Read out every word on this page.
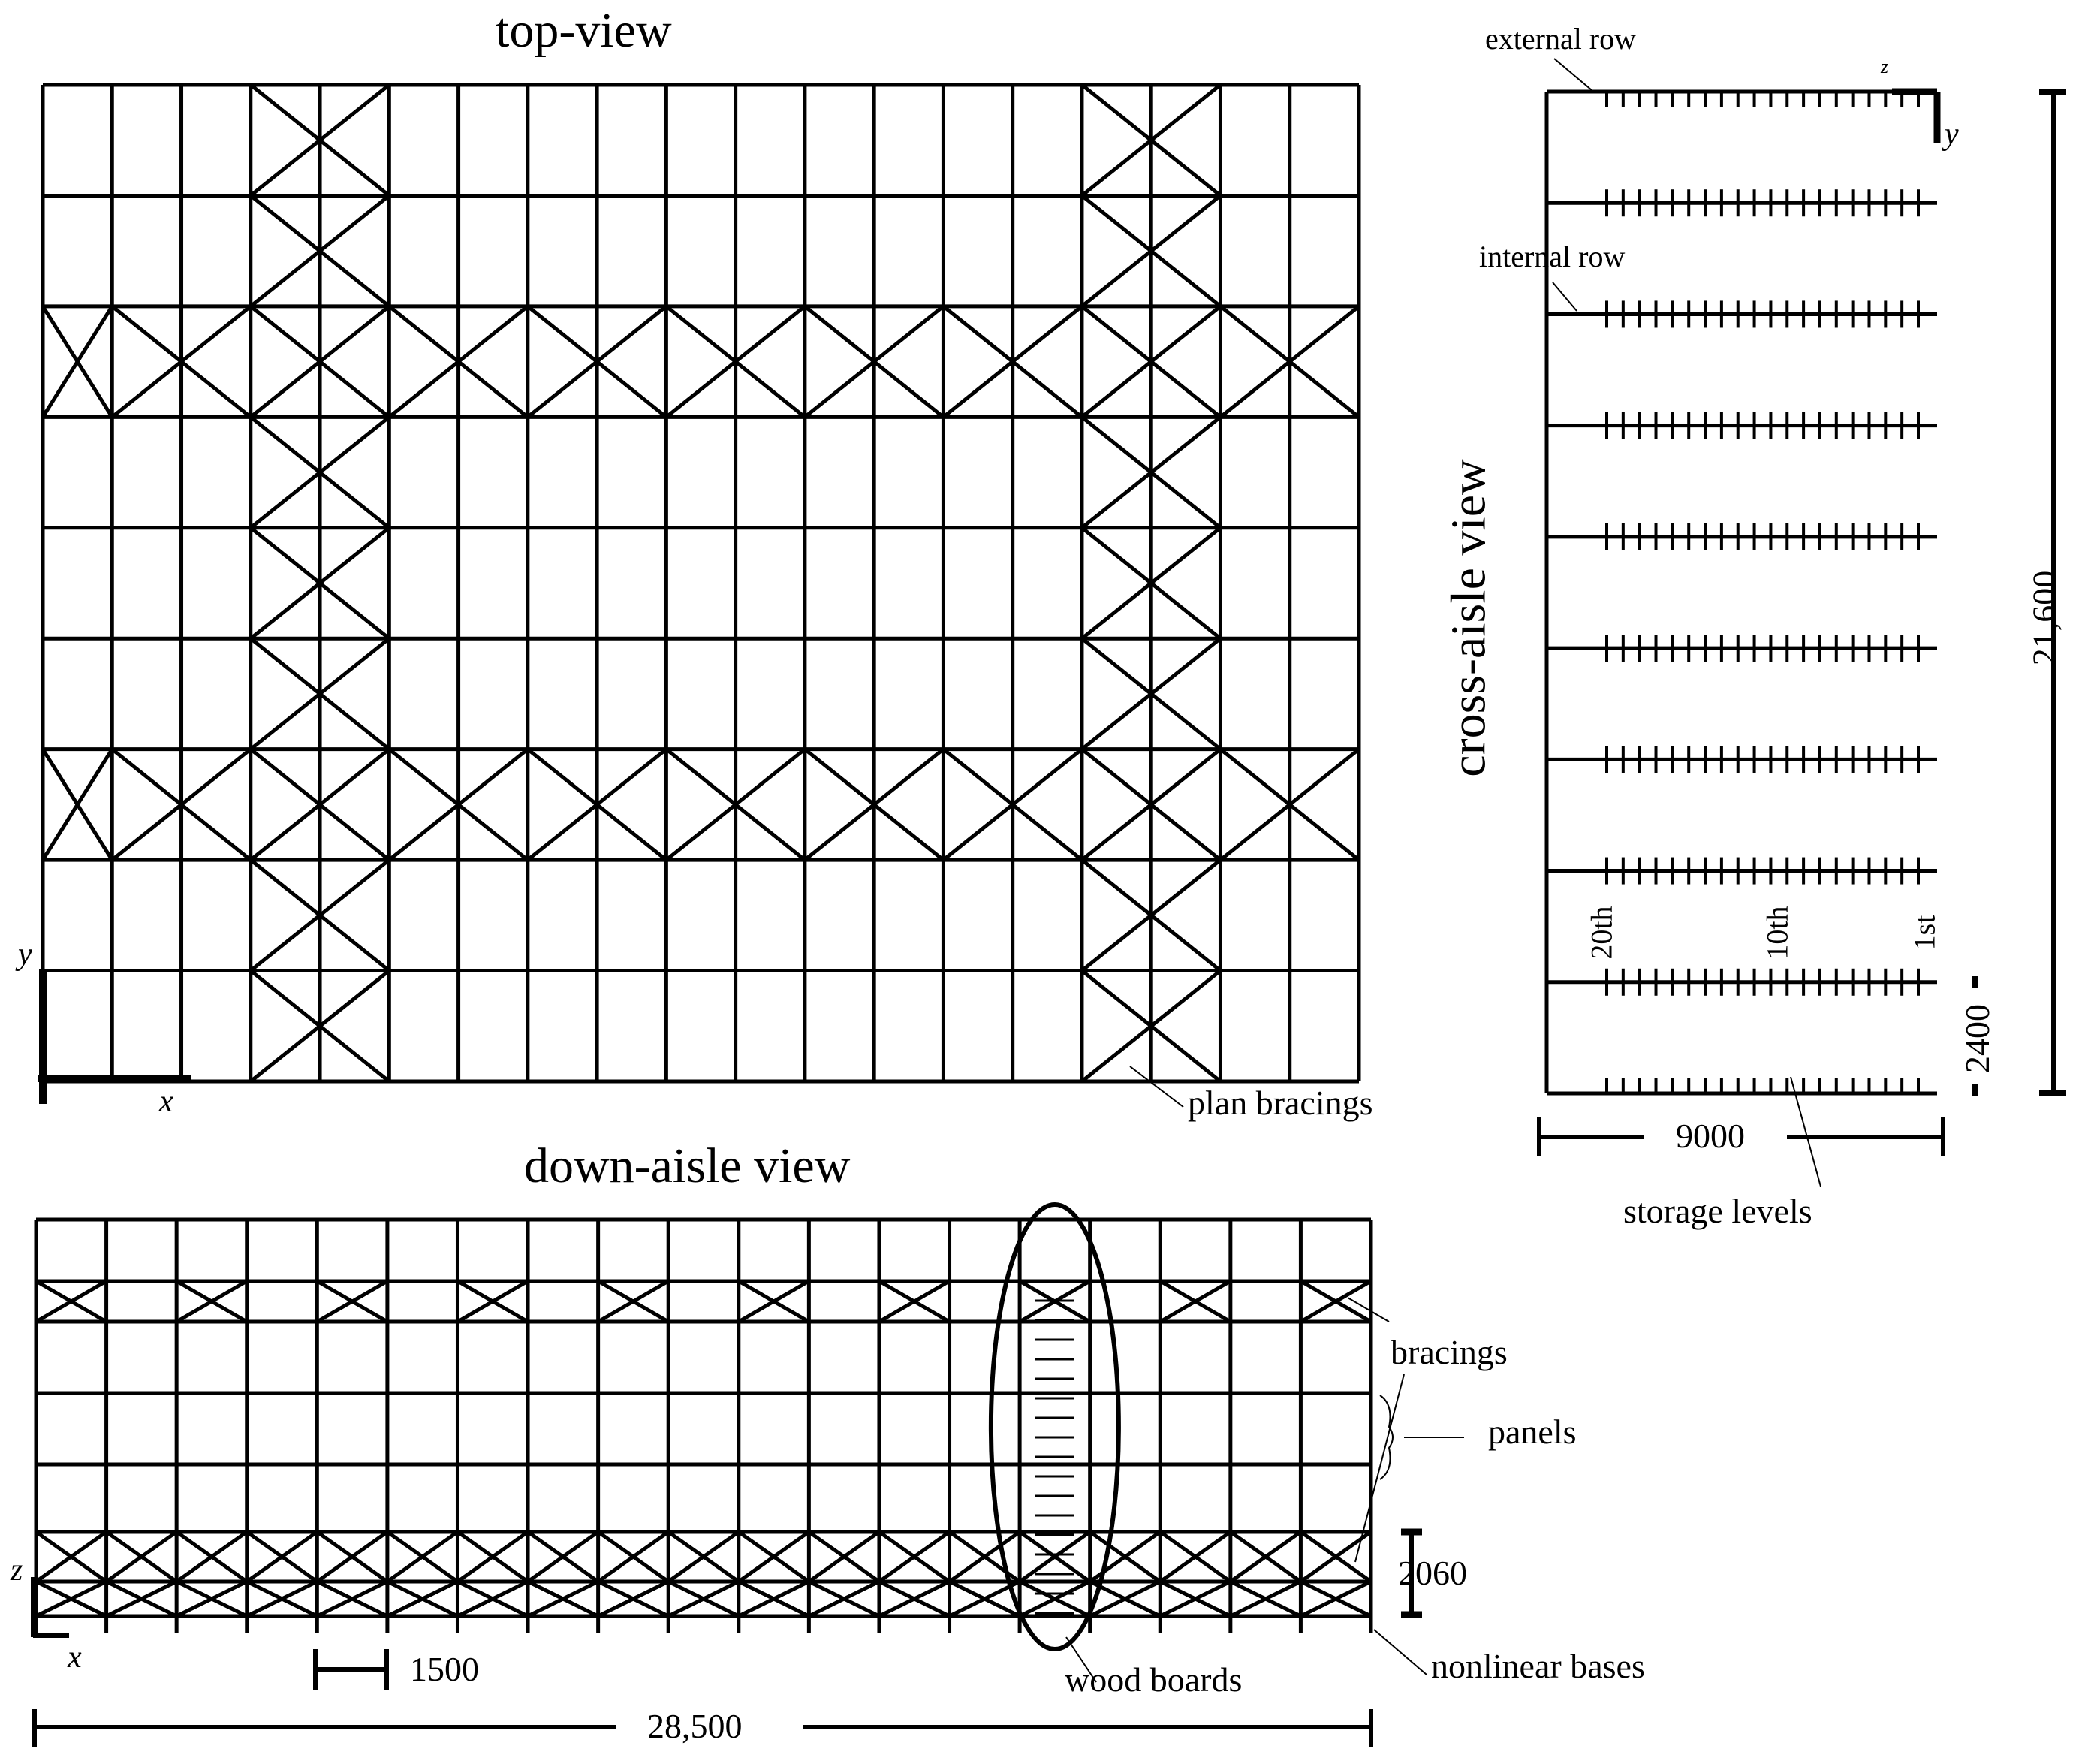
top-view
y
x	plan bracings
external row
internal row
cross-aisle view
20th	10th	1st
2400
21,600
9000
storage levels
z
y
down-aisle view
bracings
panels
2060
nonlinear bases
wood boards
1500
28,500
z
x
